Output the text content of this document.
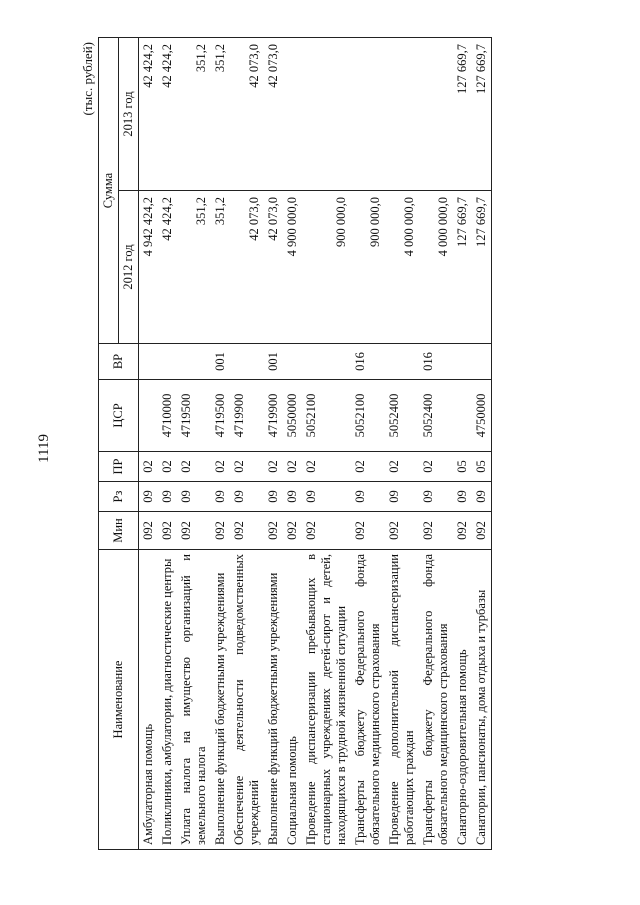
1119
(тыс. рублей)
Наименование	Мин	Рз	ПР	ЦСР	ВР	Сумма	
						2012 год	2013 год
Амбулаторная помощь	092	09	02			4 942 424,2	42 424,2
Поликлиники, амбулатории, диагностические центры	092	09	02	4710000		42 424,2	42 424,2
Уплата налога на имущество организаций и земельного налога	092	09	02	4719500		351,2	351,2
Выполнение функций бюджетными учреждениями	092	09	02	4719500	001	351,2	351,2
Обеспечение деятельности подведомственных учреждений	092	09	02	4719900		42 073,0	42 073,0
Выполнение функций бюджетными учреждениями	092	09	02	4719900	001	42 073,0	42 073,0
Социальная помощь	092	09	02	5050000		4 900 000,0	
Проведение диспансеризации пребывающих в стационарных учреждениях детей-сирот и детей, находящихся в трудной жизненной ситуации	092	09	02	5052100		900 000,0	
Трансферты бюджету Федерального фонда обязательного медицинского страхования	092	09	02	5052100	016	900 000,0	
Проведение дополнительной диспансеризации работающих граждан	092	09	02	5052400		4 000 000,0	
Трансферты бюджету Федерального фонда обязательного медицинского страхования	092	09	02	5052400	016	4 000 000,0	
Санаторно-оздоровительная помощь	092	09	05			127 669,7	127 669,7
Санатории, пансионаты, дома отдыха и турбазы	092	09	05	4750000		127 669,7	127 669,7
